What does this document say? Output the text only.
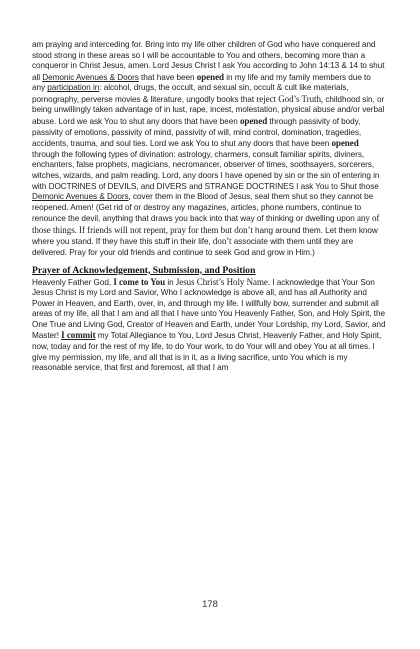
am praying and interceding for. Bring into my life other children of God who have conquered and stood strong in these areas so I will be accountable to You and others, becoming more than a conqueror in Christ Jesus, amen. Lord Jesus Christ I ask You according to John 14:13 & 14 to shut all Demonic Avenues & Doors that have been opened in my life and my family members due to any participation in: alcohol, drugs, the occult, and sexual sin, occult & cult like materials, pornography, perverse movies & literature, ungodly books that reject God’s Truth, childhood sin, or being unwillingly taken advantage of in lust, rape, incest, molestation, physical abuse and/or verbal abuse. Lord we ask You to shut any doors that have been opened through passivity of body, passivity of emotions, passivity of mind, passivity of will, mind control, domination, tragedies, accidents, trauma, and soul ties. Lord we ask You to shut any doors that have been opened through the following types of divination: astrology, charmers, consult familiar spirits, diviners, enchanters, false prophets, magicians, necromancer, observer of times, soothsayers, sorcerers, witches, wizards, and palm reading. Lord, any doors I have opened by sin or the sin of entering in with DOCTRINES of DEVILS, and DIVERS and STRANGE DOCTRINES I ask You to Shut those Demonic Avenues & Doors, cover them in the Blood of Jesus, seal them shut so they cannot be reopened. Amen! (Get rid of or destroy any magazines, articles, phone numbers, continue to renounce the devil, anything that draws you back into that way of thinking or dwelling upon any of those things. If friends will not repent, pray for them but don’t hang around them. Let them know where you stand. If they have this stuff in their life, don’t associate with them until they are delivered. Pray for your old friends and continue to seek God and grow in Him.)

Prayer of Acknowledgement, Submission, and Position

Heavenly Father God, I come to You in Jesus Christ’s Holy Name. I acknowledge that Your Son Jesus Christ is my Lord and Savior, Who I acknowledge is above all, and has all Authority and Power in Heaven, and Earth, over, in, and through my life. I willfully bow, surrender and submit all areas of my life, all that I am and all that I have unto You Heavenly Father, Son, and Holy Spirit, the One True and Living God, Creator of Heaven and Earth, under Your Lordship, my Lord, Savior, and Master! I commit my Total Allegiance to You, Lord Jesus Christ, Heavenly Father, and Holy Spirit, now, today and for the rest of my life, to do Your work, to do Your will and obey You at all times. I give my permission, my life, and all that is in it, as a living sacrifice, unto You which is my reasonable service, that first and foremost, all that I am

178
